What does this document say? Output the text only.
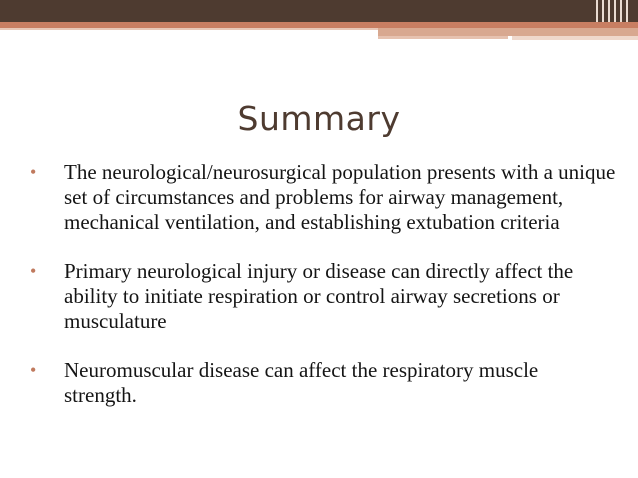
Summary
• The neurological/neurosurgical population presents with a unique set of circumstances and problems for airway management, mechanical ventilation, and establishing extubation criteria
• Primary neurological injury or disease can directly affect the ability to initiate respiration or control airway secretions or musculature
• Neuromuscular disease can affect the respiratory muscle strength.
